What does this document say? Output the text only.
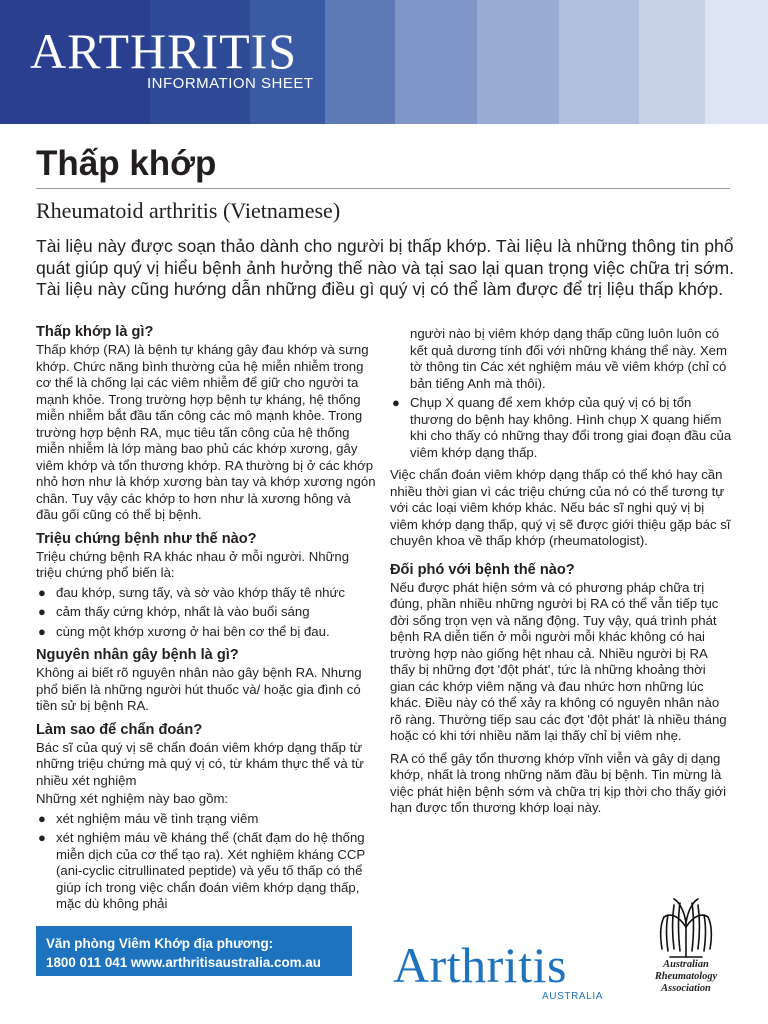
ARTHRITIS
INFORMATION SHEET
Thấp khớp
Rheumatoid arthritis (Vietnamese)

Tài liệu này được soạn thảo dành cho người bị thấp khớp. Tài liệu là những thông tin phổ quát giúp quý vị hiểu bệnh ảnh hưởng thế nào và tại sao lại quan trọng việc chữa trị sớm. Tài liệu này cũng hướng dẫn những điều gì quý vị có thể làm được để trị liệu thấp khớp.

Thấp khớp là gì?

Thấp khớp (RA) là bệnh tự kháng gây đau khớp và sưng khớp. Chức năng bình thường của hệ miễn nhiễm trong cơ thể là chống lại các viêm nhiễm để giữ cho người ta mạnh khỏe. Trong trường hợp bệnh tự kháng, hệ thống miễn nhiễm bắt đầu tấn công các mô mạnh khỏe. Trong trường hợp bệnh RA, mục tiêu tấn công của hệ thống miễn nhiễm là lớp màng bao phủ các khớp xương, gây viêm khớp và tổn thương khớp. RA thường bị ở các khớp nhỏ hơn như là khớp xương bàn tay và khớp xương ngón chân. Tuy vậy các khớp to hơn như là xương hông và đầu gối cũng có thể bị bệnh.

Triệu chứng bệnh như thế nào?

Triệu chứng bệnh RA khác nhau ở mỗi người. Những triệu chứng phổ biến là:

● đau khớp, sưng tấy, và sờ vào khớp thấy tê nhức
● cảm thấy cứng khớp, nhất là vào buổi sáng
● cùng một khớp xương ở hai bên cơ thể bị đau.
Nguyên nhân gây bệnh là gì?

Không ai biết rõ nguyên nhân nào gây bệnh RA. Nhưng phổ biến là những người hút thuốc và/ hoặc gia đình có tiền sử bị bệnh RA.

Làm sao để chẩn đoán?

Bác sĩ của quý vị sẽ chẩn đoán viêm khớp dạng thấp từ những triệu chứng mà quý vị có, từ khám thực thể và từ nhiều xét nghiệm

Những xét nghiệm này bao gồm:

● xét nghiệm máu về tình trạng viêm
● xét nghiệm máu về kháng thể (chất đạm do hệ thống miễn dịch của cơ thể tạo ra). Xét nghiệm kháng CCP (ani-cyclic citrullinated peptide) và yếu tố thấp có thể giúp ích trong việc chẩn đoán viêm khớp dạng thấp, mặc dù không phải

người nào bị viêm khớp dạng thấp cũng luôn luôn có kết quả dương tính đối với những kháng thể này. Xem tờ thông tin Các xét nghiệm máu về viêm khớp (chỉ có bản tiếng Anh mà thôi).

● Chụp X quang để xem khớp của quý vị có bị tổn thương do bệnh hay không. Hình chụp X quang hiếm khi cho thấy có những thay đổi trong giai đoạn đầu của viêm khớp dạng thấp.

Việc chẩn đoán viêm khớp dạng thấp có thể khó hay cần nhiều thời gian vì các triệu chứng của nó có thể tương tự với các loại viêm khớp khác. Nếu bác sĩ nghi quý vị bị viêm khớp dạng thấp, quý vị sẽ được giới thiệu gặp bác sĩ chuyên khoa về thấp khớp (rheumatologist).

Đối phó với bệnh thế nào?

Nếu được phát hiện sớm và có phương pháp chữa trị đúng, phần nhiều những người bị RA có thể vẫn tiếp tục đời sống trọn vẹn và năng động. Tuy vậy, quá trình phát bệnh RA diễn tiến ở mỗi người mỗi khác không có hai trường hợp nào giống hệt nhau cả. Nhiều người bị RA thấy bị những đợt 'đột phát', tức là những khoảng thời gian các khớp viêm nặng và đau nhức hơn những lúc khác. Điều này có thể xảy ra không có nguyên nhân nào rõ ràng. Thường tiếp sau các đợt 'đột phát' là nhiều tháng hoặc có khi tới nhiều năm lại thấy chỉ bị viêm nhẹ.

RA có thể gây tổn thương khớp vĩnh viễn và gây dị dạng khớp, nhất là trong những năm đầu bị bệnh. Tin mừng là việc phát hiện bệnh sớm và chữa trị kịp thời cho thấy giới hạn được tổn thương khớp loại này.

Văn phòng Viêm Khớp địa phương:
1800 011 041 www.arthritisaustralia.com.au	Arthritis
AUSTRALIA
Australian
Rheumatology
Association
